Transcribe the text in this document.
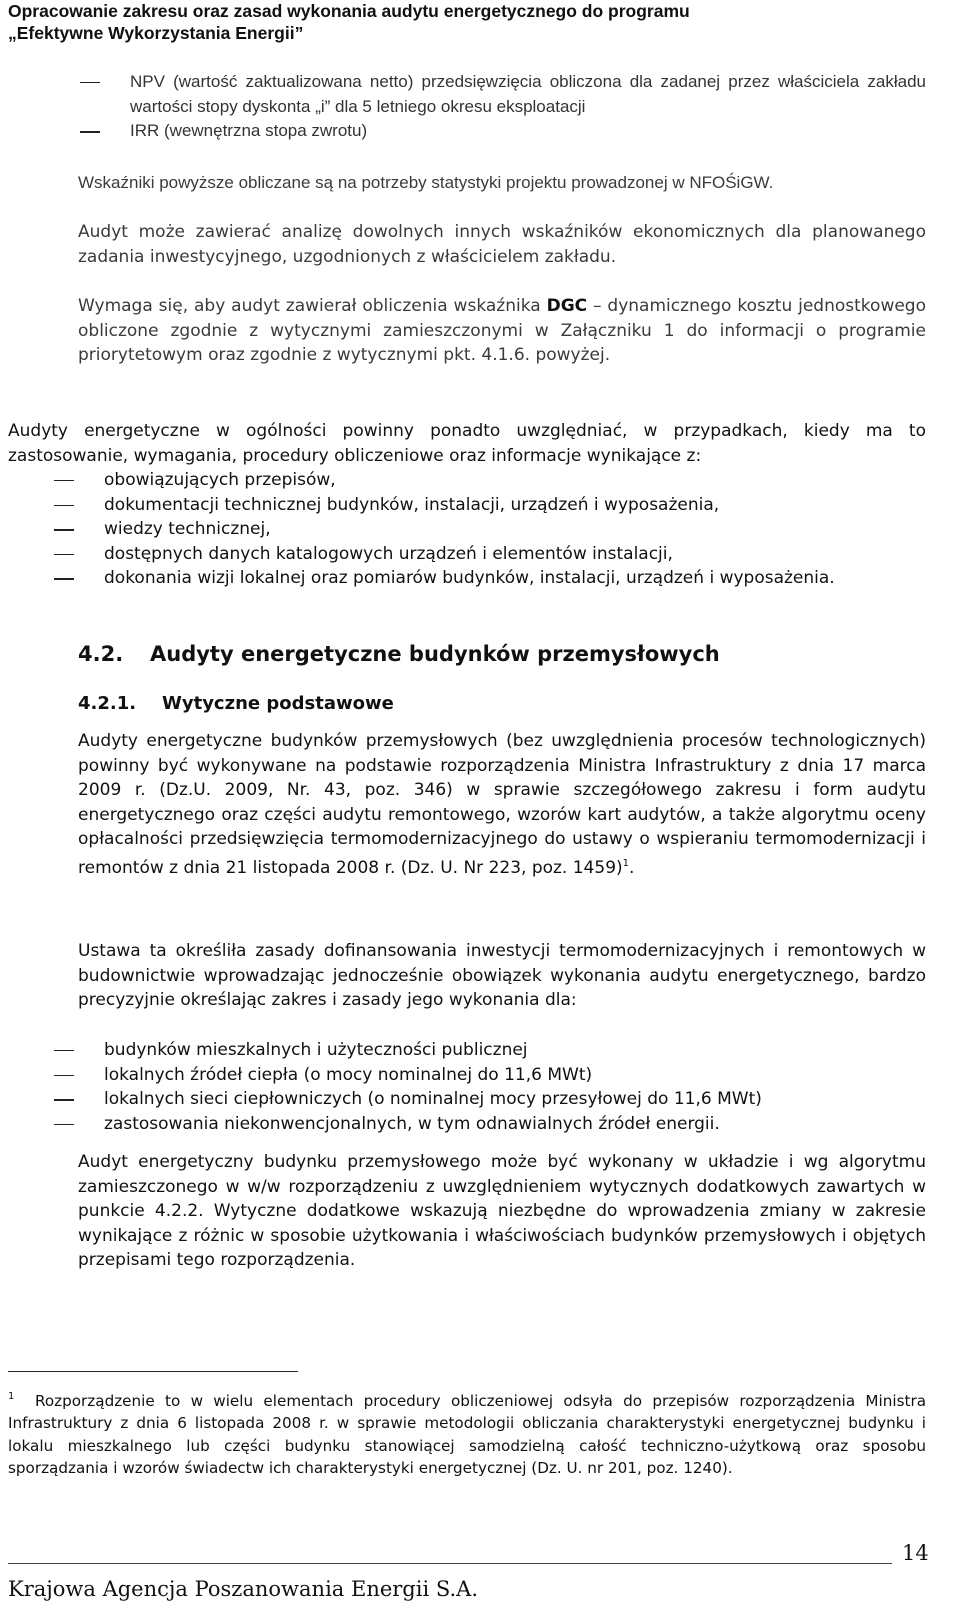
Opracowanie zakresu oraz zasad wykonania audytu energetycznego do programu
„Efektywne Wykorzystania Energii”
NPV (wartość zaktualizowana netto) przedsięwzięcia obliczona dla zadanej przez właściciela zakładu wartości stopy dyskonta „i” dla 5 letniego okresu eksploatacji
IRR (wewnętrzna stopa zwrotu)

Wskaźniki powyższe obliczane są na potrzeby statystyki projektu prowadzonej w NFOŚiGW.

Audyt może zawierać analizę dowolnych innych wskaźników ekonomicznych dla planowanego zadania inwestycyjnego, uzgodnionych z właścicielem zakładu.

Wymaga się, aby audyt zawierał obliczenia wskaźnika DGC – dynamicznego kosztu jednostkowego obliczone zgodnie z wytycznymi zamieszczonymi w Załączniku 1 do informacji o programie priorytetowym oraz zgodnie z wytycznymi pkt. 4.1.6. powyżej.

Audyty energetyczne w ogólności powinny ponadto uwzględniać, w przypadkach, kiedy ma to zastosowanie, wymagania, procedury obliczeniowe oraz informacje wynikające z:

obowiązujących przepisów,
dokumentacji technicznej budynków, instalacji, urządzeń i wyposażenia,
wiedzy technicznej,
dostępnych danych katalogowych urządzeń i elementów instalacji,
dokonania wizji lokalnej oraz pomiarów budynków, instalacji, urządzeń i wyposażenia.
4.2. Audyty energetyczne budynków przemysłowych
4.2.1. Wytyczne podstawowe

Audyty energetyczne budynków przemysłowych (bez uwzględnienia procesów technologicznych) powinny być wykonywane na podstawie rozporządzenia Ministra Infrastruktury z dnia 17 marca 2009 r. (Dz.U. 2009, Nr. 43, poz. 346) w sprawie szczegółowego zakresu i form audytu energetycznego oraz części audytu remontowego, wzorów kart audytów, a także algorytmu oceny opłacalności przedsięwzięcia termomodernizacyjnego do ustawy o wspieraniu termomodernizacji i remontów z dnia 21 listopada 2008 r. (Dz. U. Nr 223, poz. 1459)$^1$.

Ustawa ta określiła zasady dofinansowania inwestycji termomodernizacyjnych i remontowych w budownictwie wprowadzając jednocześnie obowiązek wykonania audytu energetycznego, bardzo precyzyjnie określając zakres i zasady jego wykonania dla:

budynków mieszkalnych i użyteczności publicznej
lokalnych źródeł ciepła (o mocy nominalnej do 11,6 MWt)
lokalnych sieci ciepłowniczych (o nominalnej mocy przesyłowej do 11,6 MWt)
zastosowania niekonwencjonalnych, w tym odnawialnych źródeł energii.

Audyt energetyczny budynku przemysłowego może być wykonany w układzie i wg algorytmu zamieszczonego w w/w rozporządzeniu z uwzględnieniem wytycznych dodatkowych zawartych w punkcie 4.2.2. Wytyczne dodatkowe wskazują niezbędne do wprowadzenia zmiany w zakresie wynikające z różnic w sposobie użytkowania i właściwościach budynków przemysłowych i objętych przepisami tego rozporządzenia.

$^1$ Rozporządzenie to w wielu elementach procedury obliczeniowej odsyła do przepisów rozporządzenia Ministra Infrastruktury z dnia 6 listopada 2008 r. w sprawie metodologii obliczania charakterystyki energetycznej budynku i lokalu mieszkalnego lub części budynku stanowiącej samodzielną całość techniczno-użytkową oraz sposobu sporządzania i wzorów świadectw ich charakterystyki energetycznej (Dz. U. nr 201, poz. 1240).
14
Krajowa Agencja Poszanowania Energii S.A.
